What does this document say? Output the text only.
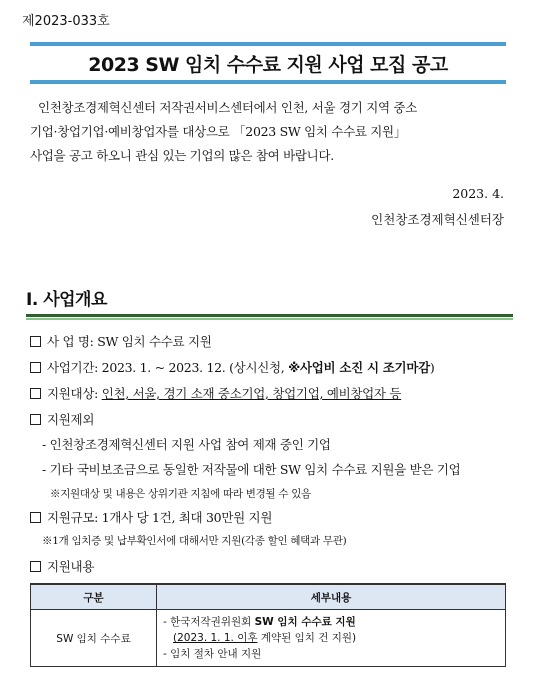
제2023-033호
2023 SW 임치 수수료 지원 사업 모집 공고

인천창조경제혁신센터 저작권서비스센터에서 인천, 서울 경기 지역 중소

기업·창업기업·예비창업자를 대상으로 「2023 SW 임치 수수료 지원」

사업을 공고 하오니 관심 있는 기업의 많은 참여 바랍니다.

2023. 4.
인천창조경제혁신센터장
I. 사업개요
사 업 명: SW 임치 수수료 지원
사업기간: 2023. 1. ~ 2023. 12. (상시신청, ※사업비 소진 시 조기마감)
지원대상: 인천, 서울, 경기 소재 중소기업, 창업기업, 예비창업자 등
지원제외
- 인천창조경제혁신센터 지원 사업 참여 제재 중인 기업
- 기타 국비보조금으로 동일한 저작물에 대한 SW 임치 수수료 지원을 받은 기업
※지원대상 및 내용은 상위기관 지침에 따라 변경될 수 있음
지원규모: 1개사 당 1건, 최대 30만원 지원
※1개 임치증 및 납부확인서에 대해서만 지원(각종 할인 혜택과 무관)
지원내용
구분	세부내용
SW 임치 수수료	- 한국저작권위원회 SW 임치 수수료 지원
(2023. 1. 1. 이후 계약된 임치 건 지원)
- 임치 절차 안내 지원
